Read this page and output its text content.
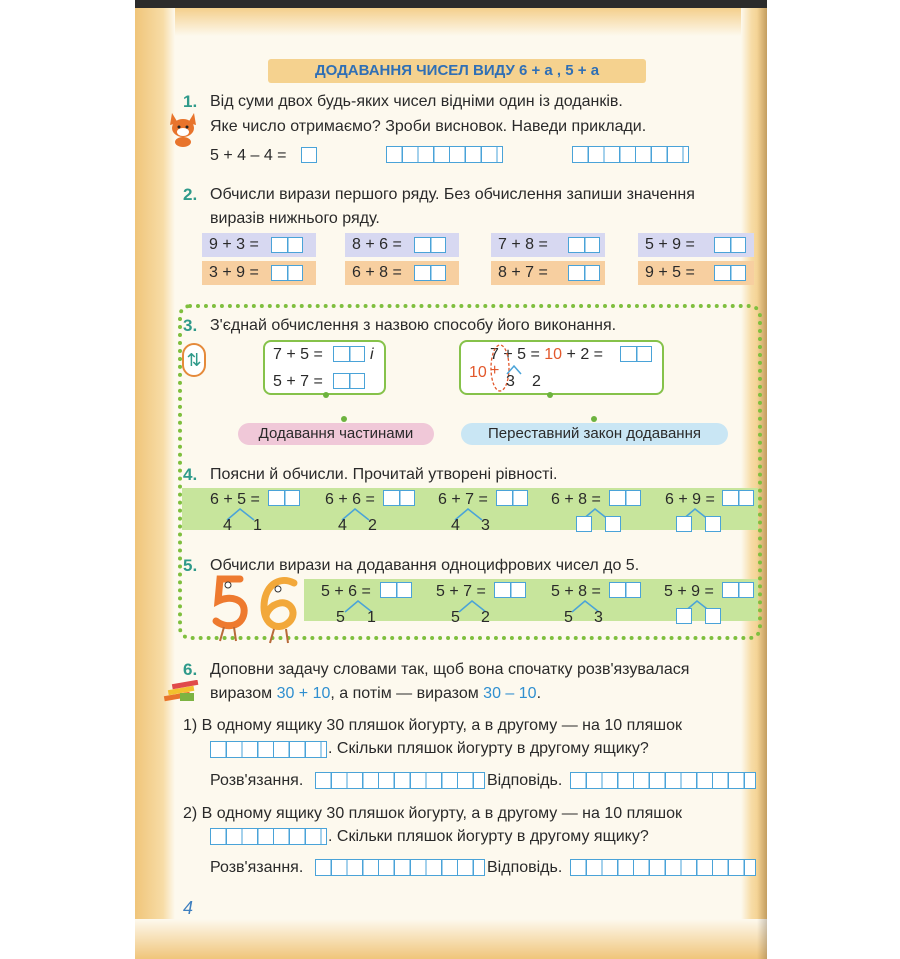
ДОДАВАННЯ ЧИСЕЛ ВИДУ 6 + a , 5 + a
1. Від суми двох будь-яких чисел відніми один із доданків.
Яке число отримаємо? Зроби висновок. Наведи приклади.
5 + 4 – 4 =
2. Обчисли вирази першого ряду. Без обчислення запиши значення
виразів нижнього ряду.
9 + 3 =	8 + 6 =	7 + 8 =	5 + 9 =
3 + 9 =	6 + 8 =	8 + 7 =	9 + 5 =
3. З'єднай обчислення з назвою способу його виконання.
⇅	7 + 5 =	і
5 + 7 =
7 + 5 = 10 + 2 =
10 +
3 2
Додавання частинами	Переставний закон додавання
4. Поясни й обчисли. Прочитай утворені рівності.
6 + 5 =	6 + 6 =	6 + 7 =	6 + 8 =	6 + 9 =
4 1	4 2	4 3
5. Обчисли вирази на додавання одноцифрових чисел до 5.
5 + 6 =	5 + 7 =	5 + 8 =	5 + 9 =
5 1	5 2	5 3
6. Доповни задачу словами так, щоб вона спочатку розв'язувалася
виразом 30 + 10, а потім — виразом 30 – 10.
1) В одному ящику 30 пляшок йогурту, а в другому — на 10 пляшок
. Скільки пляшок йогурту в другому ящику?
Розв'язання.	Відповідь.
2) В одному ящику 30 пляшок йогурту, а в другому — на 10 пляшок
. Скільки пляшок йогурту в другому ящику?
Розв'язання.	Відповідь.
4
